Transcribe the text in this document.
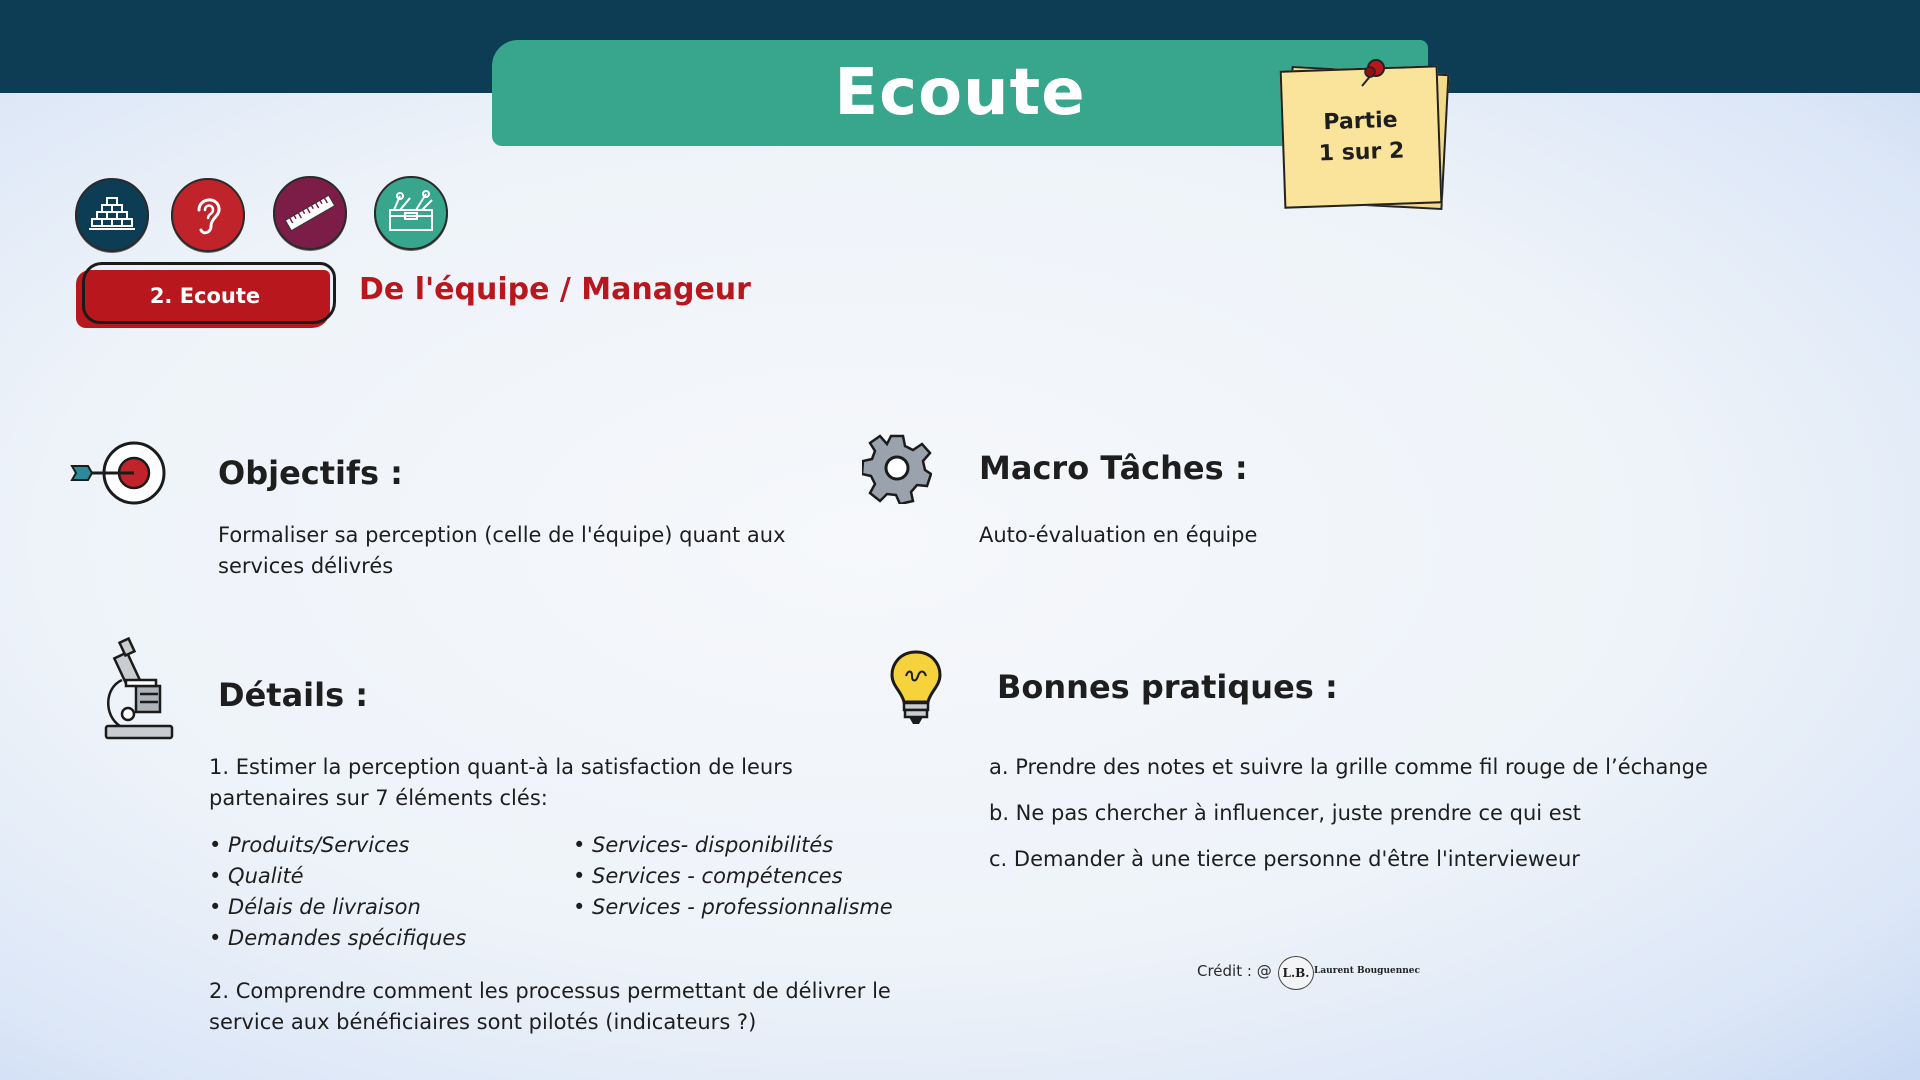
Ecoute	Partie
1 sur 2
2. Ecoute	De l'équipe / Manageur
Objectifs :
Formaliser sa perception (celle de l'équipe) quant aux
services délivrés
Macro Tâches :
Auto-évaluation en équipe
Détails :
1. Estimer la perception quant-à la satisfaction de leurs
partenaires sur 7 éléments clés:
• Produits/Services
• Qualité
• Délais de livraison
• Demandes spécifiques
• Services- disponibilités
• Services - compétences
• Services - professionnalisme
2. Comprendre comment les processus permettant de délivrer le
service aux bénéficiaires sont pilotés (indicateurs ?)
Bonnes pratiques :
a. Prendre des notes et suivre la grille comme fil rouge de l’échange
b. Ne pas chercher à influencer, juste prendre ce qui est
c. Demander à une tierce personne d'être l'intervieweur
Crédit : @ L.B. Laurent Bouguennec
